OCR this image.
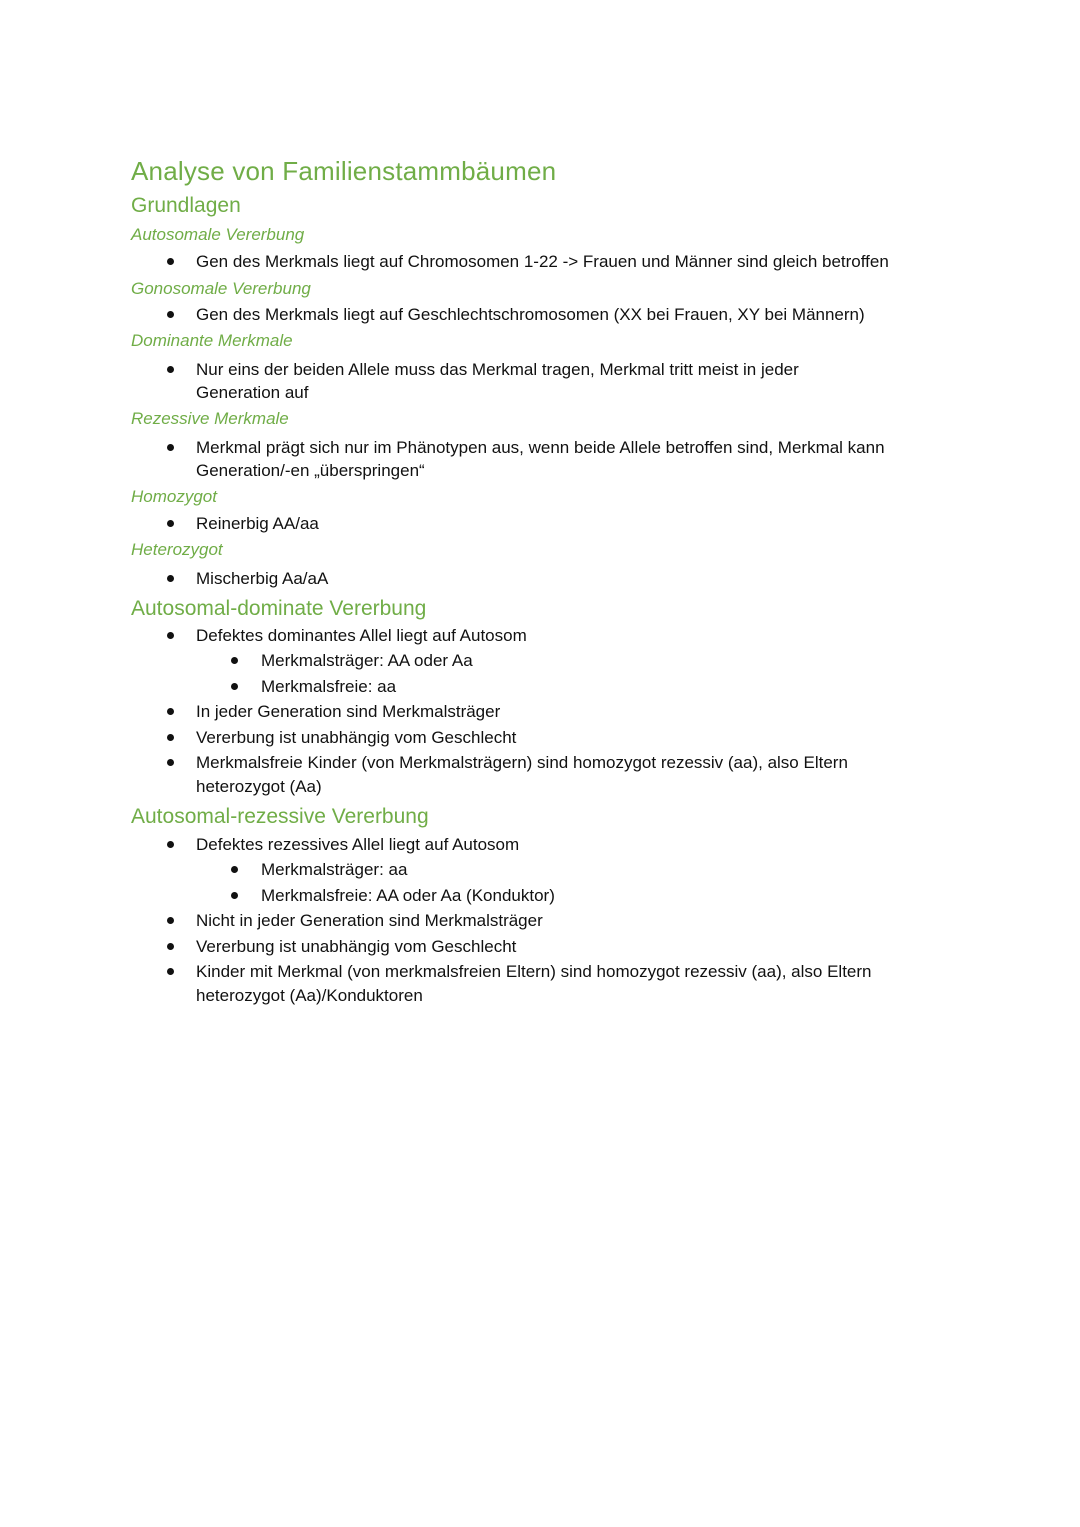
Analyse von Familienstammbäumen
Grundlagen
Autosomale Vererbung
Gen des Merkmals liegt auf Chromosomen 1-22 -> Frauen und Männer sind gleich betroffen
Gonosomale Vererbung
Gen des Merkmals liegt auf Geschlechtschromosomen (XX bei Frauen, XY bei Männern)
Dominante Merkmale
Nur eins der beiden Allele muss das Merkmal tragen, Merkmal tritt meist in jeder
Generation auf
Rezessive Merkmale
Merkmal prägt sich nur im Phänotypen aus, wenn beide Allele betroffen sind, Merkmal kann
Generation/-en „überspringen“
Homozygot
Reinerbig AA/aa
Heterozygot
Mischerbig Aa/aA
Autosomal-dominate Vererbung
Defektes dominantes Allel liegt auf Autosom
Merkmalsträger: AA oder Aa
Merkmalsfreie: aa
In jeder Generation sind Merkmalsträger
Vererbung ist unabhängig vom Geschlecht
Merkmalsfreie Kinder (von Merkmalsträgern) sind homozygot rezessiv (aa), also Eltern
heterozygot (Aa)
Autosomal-rezessive Vererbung
Defektes rezessives Allel liegt auf Autosom
Merkmalsträger: aa
Merkmalsfreie: AA oder Aa (Konduktor)
Nicht in jeder Generation sind Merkmalsträger
Vererbung ist unabhängig vom Geschlecht
Kinder mit Merkmal (von merkmalsfreien Eltern) sind homozygot rezessiv (aa), also Eltern
heterozygot (Aa)/Konduktoren
